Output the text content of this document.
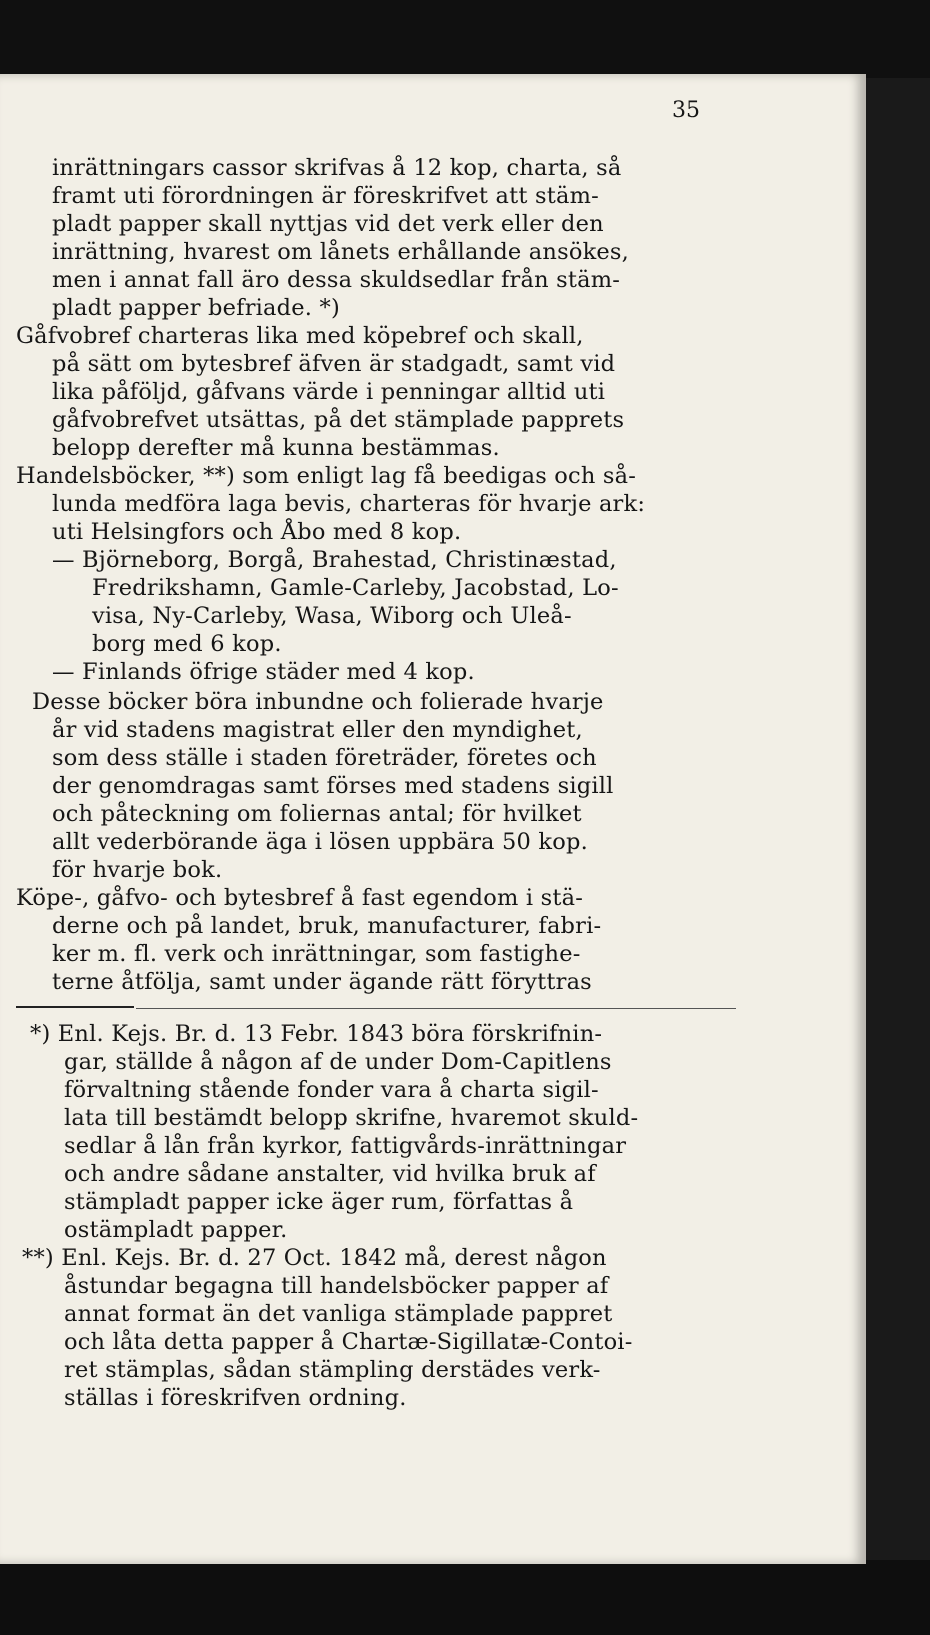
35
inrättningars cassor skrifvas å 12 kop, charta, så
framt uti förordningen är föreskrifvet att stäm-
pladt papper skall nyttjas vid det verk eller den
inrättning, hvarest om lånets erhållande ansökes,
men i annat fall äro dessa skuldsedlar från stäm-
pladt papper befriade. *)
Gåfvobref charteras lika med köpebref och skall,
på sätt om bytesbref äfven är stadgadt, samt vid
lika påföljd, gåfvans värde i penningar alltid uti
gåfvobrefvet utsättas, på det stämplade papprets
belopp derefter må kunna bestämmas.
Handelsböcker, **) som enligt lag få beedigas och så-
lunda medföra laga bevis, charteras för hvarje ark:
uti Helsingfors och Åbo med 8 kop.
— Björneborg, Borgå, Brahestad, Christinæstad,
Fredrikshamn, Gamle-Carleby, Jacobstad, Lo-
visa, Ny-Carleby, Wasa, Wiborg och Uleå-
borg med 6 kop.
— Finlands öfrige städer med 4 kop.
Desse böcker böra inbundne och folierade hvarje
år vid stadens magistrat eller den myndighet,
som dess ställe i staden företräder, företes och
der genomdragas samt förses med stadens sigill
och påteckning om foliernas antal; för hvilket
allt vederbörande äga i lösen uppbära 50 kop.
för hvarje bok.
Köpe-, gåfvo- och bytesbref å fast egendom i stä-
derne och på landet, bruk, manufacturer, fabri-
ker m. fl. verk och inrättningar, som fastighe-
terne åtfölja, samt under ägande rätt föryttras
*) Enl. Kejs. Br. d. 13 Febr. 1843 böra förskrifnin-
gar, ställde å någon af de under Dom-Capitlens
förvaltning stående fonder vara å charta sigil-
lata till bestämdt belopp skrifne, hvaremot skuld-
sedlar å lån från kyrkor, fattigvårds-inrättningar
och andre sådane anstalter, vid hvilka bruk af
stämpladt papper icke äger rum, författas å
ostämpladt papper.
**) Enl. Kejs. Br. d. 27 Oct. 1842 må, derest någon
åstundar begagna till handelsböcker papper af
annat format än det vanliga stämplade pappret
och låta detta papper å Chartæ-Sigillatæ-Contoi-
ret stämplas, sådan stämpling derstädes verk-
ställas i föreskrifven ordning.
